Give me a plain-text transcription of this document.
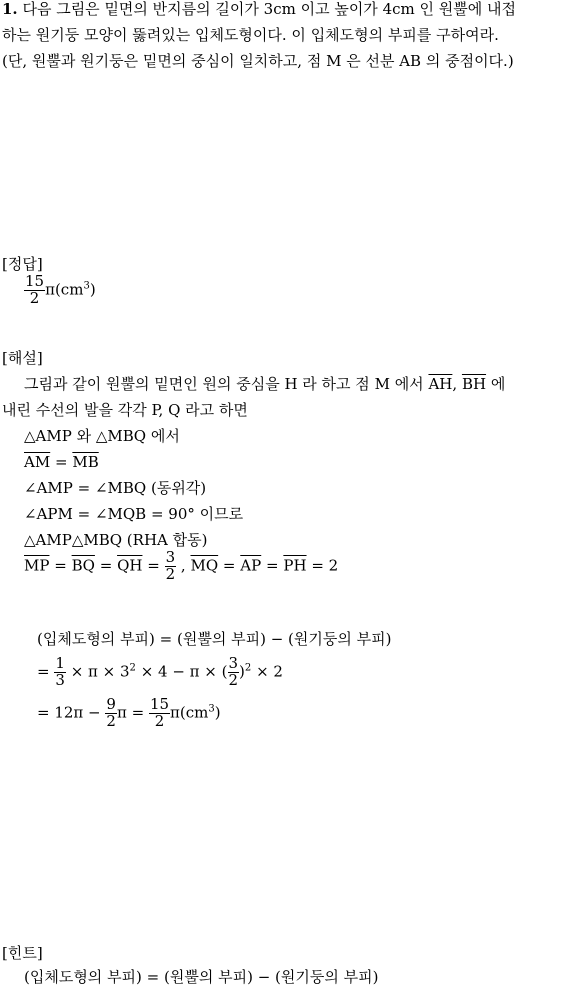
1. 다음 그림은 밑면의 반지름의 길이가 3cm 이고 높이가 4cm 인 원뿔에 내접
하는 원기둥 모양이 뚫려있는 입체도형이다. 이 입체도형의 부피를 구하여라.
(단, 원뿔과 원기둥은 밑면의 중심이 일치하고, 점 M 은 선분 AB 의 중점이다.)
[정답]
$\frac{15}{2} \pi(cm^3)$
[해설]
그림과 같이 원뿔의 밑면인 원의 중심을 H 라 하고 점 M 에서 $\overline{AH}$, $\overline{BH}$ 에
내린 수선의 발을 각각 P, Q 라고 하면
△AMP 와 △MBQ 에서
$\overline{AM} = \overline{MB}$
∠AMP = ∠MBQ (동위각)
∠APM = ∠MQB = 90° 이므로
△AMP△MBQ (RHA 합동)
$\overline{MP} = \overline{BQ} = \overline{QH} = \frac{3}{2}$ , $\overline{MQ} = \overline{AP} = \overline{PH} = 2$
(입체도형의 부피) = (원뿔의 부피) − (원기둥의 부피)
= $\frac{1}{3} \times \pi \times 3^2 \times 4 - \pi$ × ( $\frac{3}{2} )^2 \times 2$
= $12\pi - \frac{9}{2}$ $\pi = \frac{15}{2} \pi(cm^3)$
[힌트]
(입체도형의 부피) = (원뿔의 부피) − (원기둥의 부피)
